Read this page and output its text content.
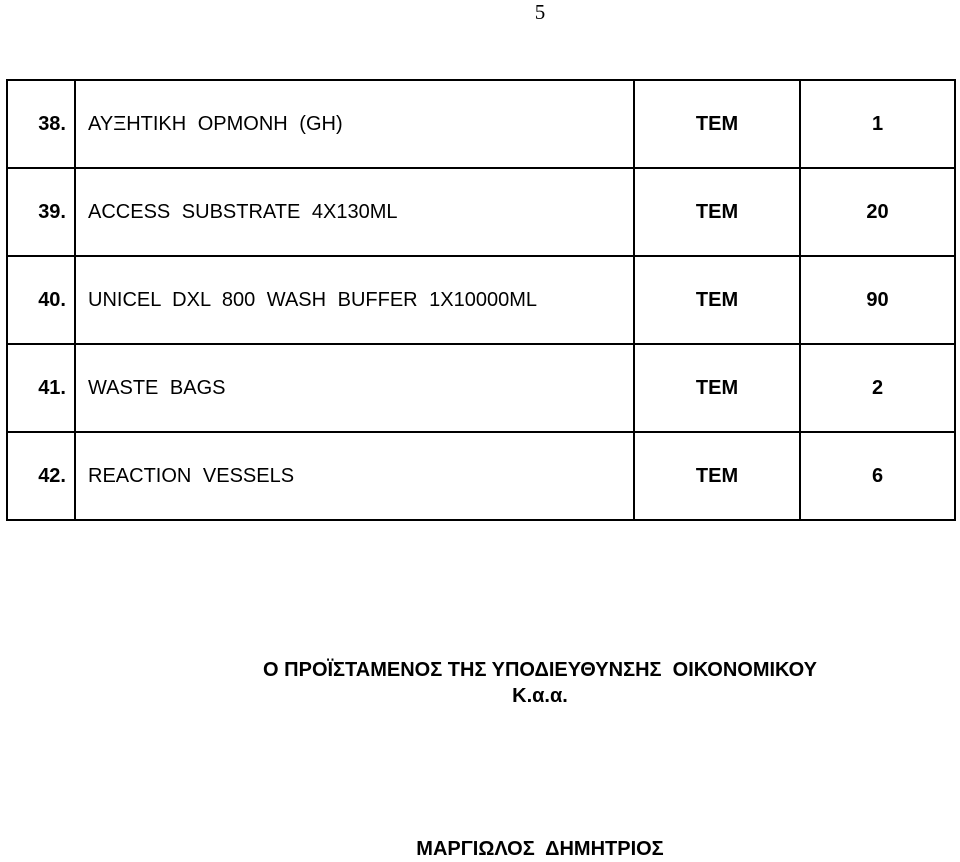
5
38.	ΑΥΞΗΤΙΚΗ ΟΡΜΟΝΗ (GH)	TEM	1
39.	ACCESS SUBSTRATE 4X130ML	TEM	20
40.	UNICEL DXL 800 WASH BUFFER 1X10000ML	TEM	90
41.	WASTE BAGS	TEM	2
42.	REACTION VESSELS	TEM	6
Ο ΠΡΟΪΣΤΑΜΕΝΟΣ ΤΗΣ ΥΠΟΔΙΕΥΘΥΝΣΗΣ  ΟΙΚΟΝΟΜΙΚΟΥ
Κ.α.α.
ΜΑΡΓΙΩΛΟΣ  ΔΗΜΗΤΡΙΟΣ
